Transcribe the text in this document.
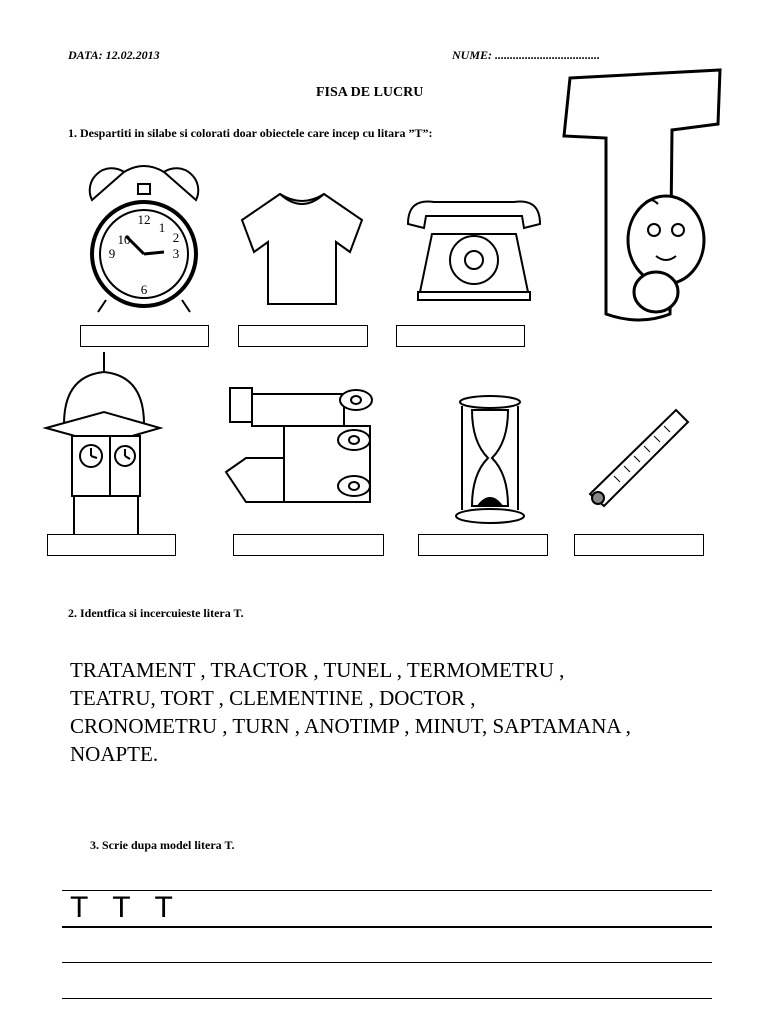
DATA: 12.02.2013	NUME: ...................................
FISA DE LUCRU
1. Despartiti in silabe si colorati doar obiectele care incep cu litara ”T”:
12
3
6
9
10
1
2
2. Identfica si incercuieste litera T.
TRATAMENT , TRACTOR , TUNEL , TERMOMETRU ,
TEATRU, TORT , CLEMENTINE , DOCTOR ,
CRONOMETRU , TURN , ANOTIMP , MINUT, SAPTAMANA ,
NOAPTE.
3. Scrie dupa model litera T.
T   T   T
